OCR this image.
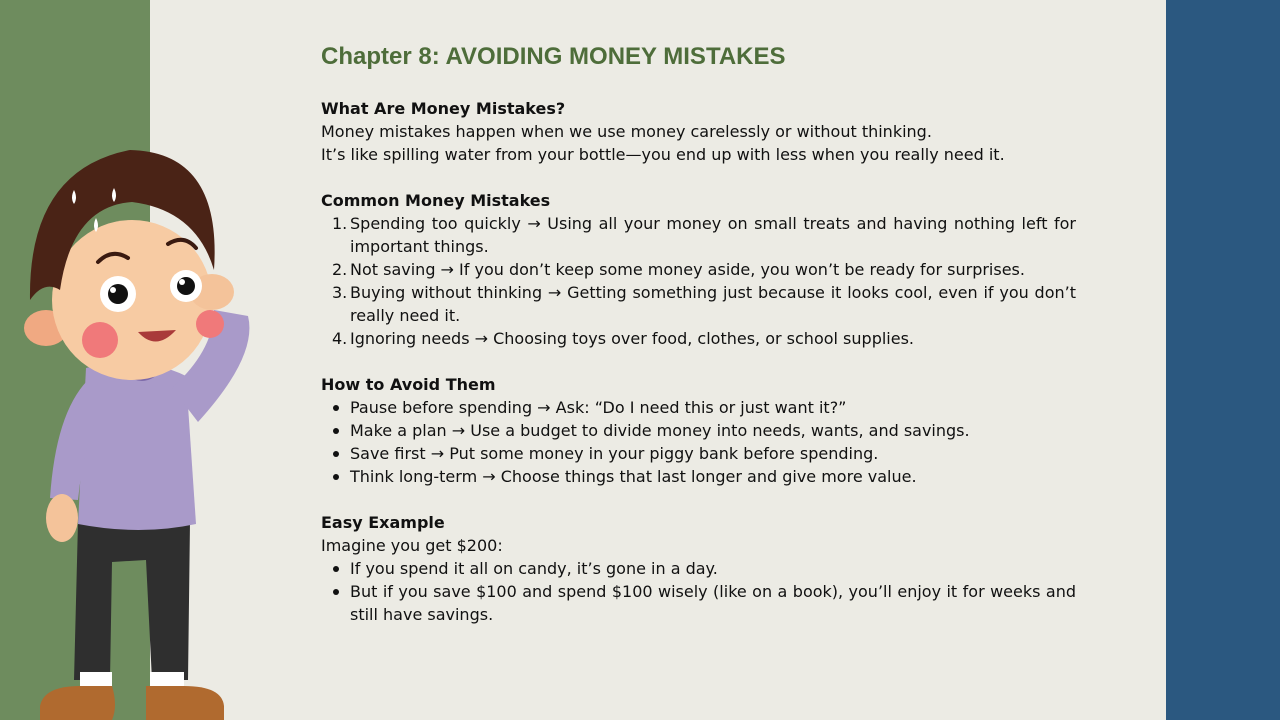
Chapter 8: AVOIDING MONEY MISTAKES
What Are Money Mistakes?

Money mistakes happen when we use money carelessly or without thinking.

It’s like spilling water from your bottle—you end up with less when you really need it.

Common Money Mistakes
1. Spending too quickly → Using all your money on small treats and having nothing left for important things.
2. Not saving → If you don’t keep some money aside, you won’t be ready for surprises.
3. Buying without thinking → Getting something just because it looks cool, even if you don’t really need it.
4. Ignoring needs → Choosing toys over food, clothes, or school supplies.
How to Avoid Them
Pause before spending → Ask: “Do I need this or just want it?”
Make a plan → Use a budget to divide money into needs, wants, and savings.
Save first → Put some money in your piggy bank before spending.
Think long-term → Choose things that last longer and give more value.
Easy Example

Imagine you get $200:

If you spend it all on candy, it’s gone in a day.
But if you save $100 and spend $100 wisely (like on a book), you’ll enjoy it for weeks and still have savings.
